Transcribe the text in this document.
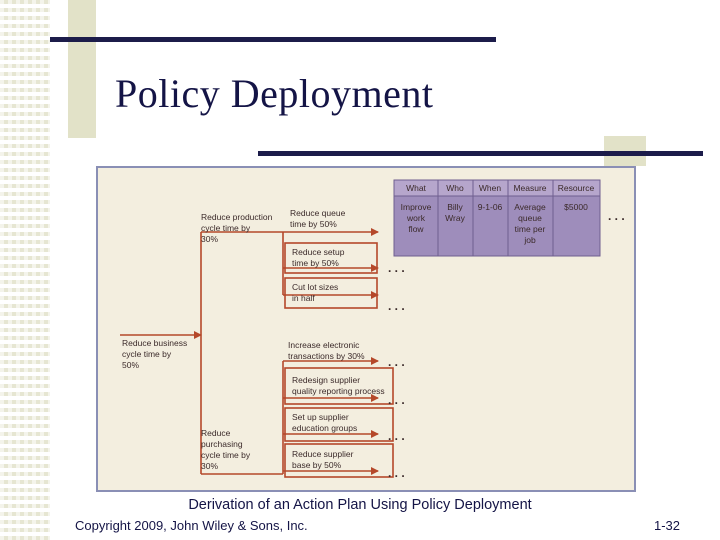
Policy Deployment
Reduce business
cycle time by
50%
Reduce production
cycle time by
30%
Reduce
purchasing
cycle time by
30%
Reduce queue
time by 50%
Reduce setup
time by 50%
Cut lot sizes
in half
Increase electronic
transactions by 30%
Redesign supplier
quality reporting process
Set up supplier
education groups
Reduce supplier
base by 50%
What Who When Measure Resource
Improve
work
flow
Billy
Wray
9-1-06 Average
queue
time per
job
$5000
. . .
. . .
. . .
. . .
. . .
. . .
. . .
Derivation of an Action Plan Using Policy Deployment
Copyright 2009, John Wiley & Sons, Inc.	1-32
